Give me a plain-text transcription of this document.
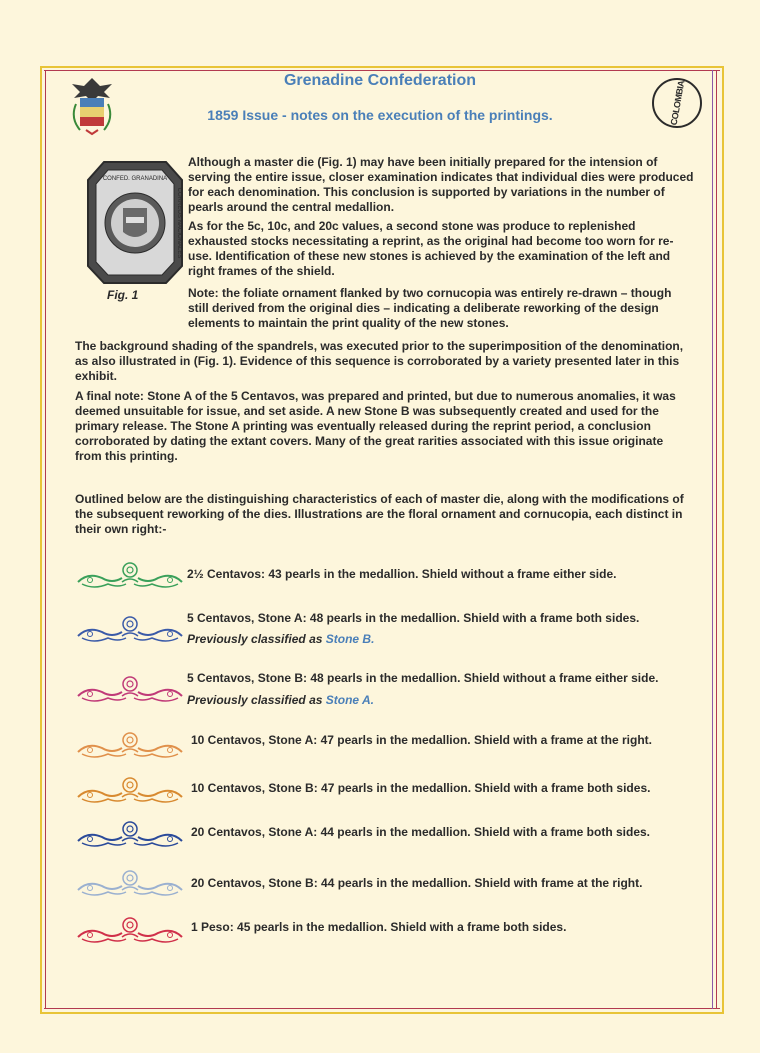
COLOMBIA
Grenadine Confederation
1859 Issue - notes on the execution of the printings.
CONFED. GRANADINA
CORREOS NACIONALES
Fig. 1
Although a master die (Fig. 1) may have been initially prepared for the intension of serving the entire issue, closer examination indicates that individual dies were produced for each denomination. This conclusion is supported by variations in the number of pearls around the central medallion.
As for the 5c, 10c, and 20c values, a second stone was produce to replenished exhausted stocks necessitating a reprint, as the original had become too worn for re-use. Identification of these new stones is achieved by the examination of the left and right frames of the shield.
Note: the foliate ornament flanked by two cornucopia was entirely re-drawn – though still derived from the original dies – indicating a deliberate reworking of the design elements to maintain the print quality of the new stones.
The background shading of the spandrels, was executed prior to the superimposition of the denomination, as also illustrated in (Fig. 1). Evidence of this sequence is corroborated by a variety presented later in this exhibit.
A final note: Stone A of the 5 Centavos, was prepared and printed, but due to numerous anomalies, it was deemed unsuitable for issue, and set aside. A new Stone B was subsequently created and used for the primary release. The Stone A printing was eventually released during the reprint period, a conclusion corroborated by dating the extant covers. Many of the great rarities associated with this issue originate from this printing.
Outlined below are the distinguishing characteristics of each of master die, along with the modifications of the subsequent reworking of the dies. Illustrations are the floral ornament and cornucopia, each distinct in their own right:-
2½ Centavos: 43 pearls in the medallion. Shield without a frame either side.
5 Centavos, Stone A: 48 pearls in the medallion. Shield with a frame both sides.
Previously classified as Stone B.
5 Centavos, Stone B: 48 pearls in the medallion. Shield without a frame either side.
Previously classified as Stone A.
10 Centavos, Stone A: 47 pearls in the medallion. Shield with a frame at the right.
10 Centavos, Stone B: 47 pearls in the medallion. Shield with a frame both sides.
20 Centavos, Stone A: 44 pearls in the medallion. Shield with a frame both sides.
20 Centavos, Stone B: 44 pearls in the medallion. Shield with frame at the right.
1 Peso: 45 pearls in the medallion. Shield with a frame both sides.
